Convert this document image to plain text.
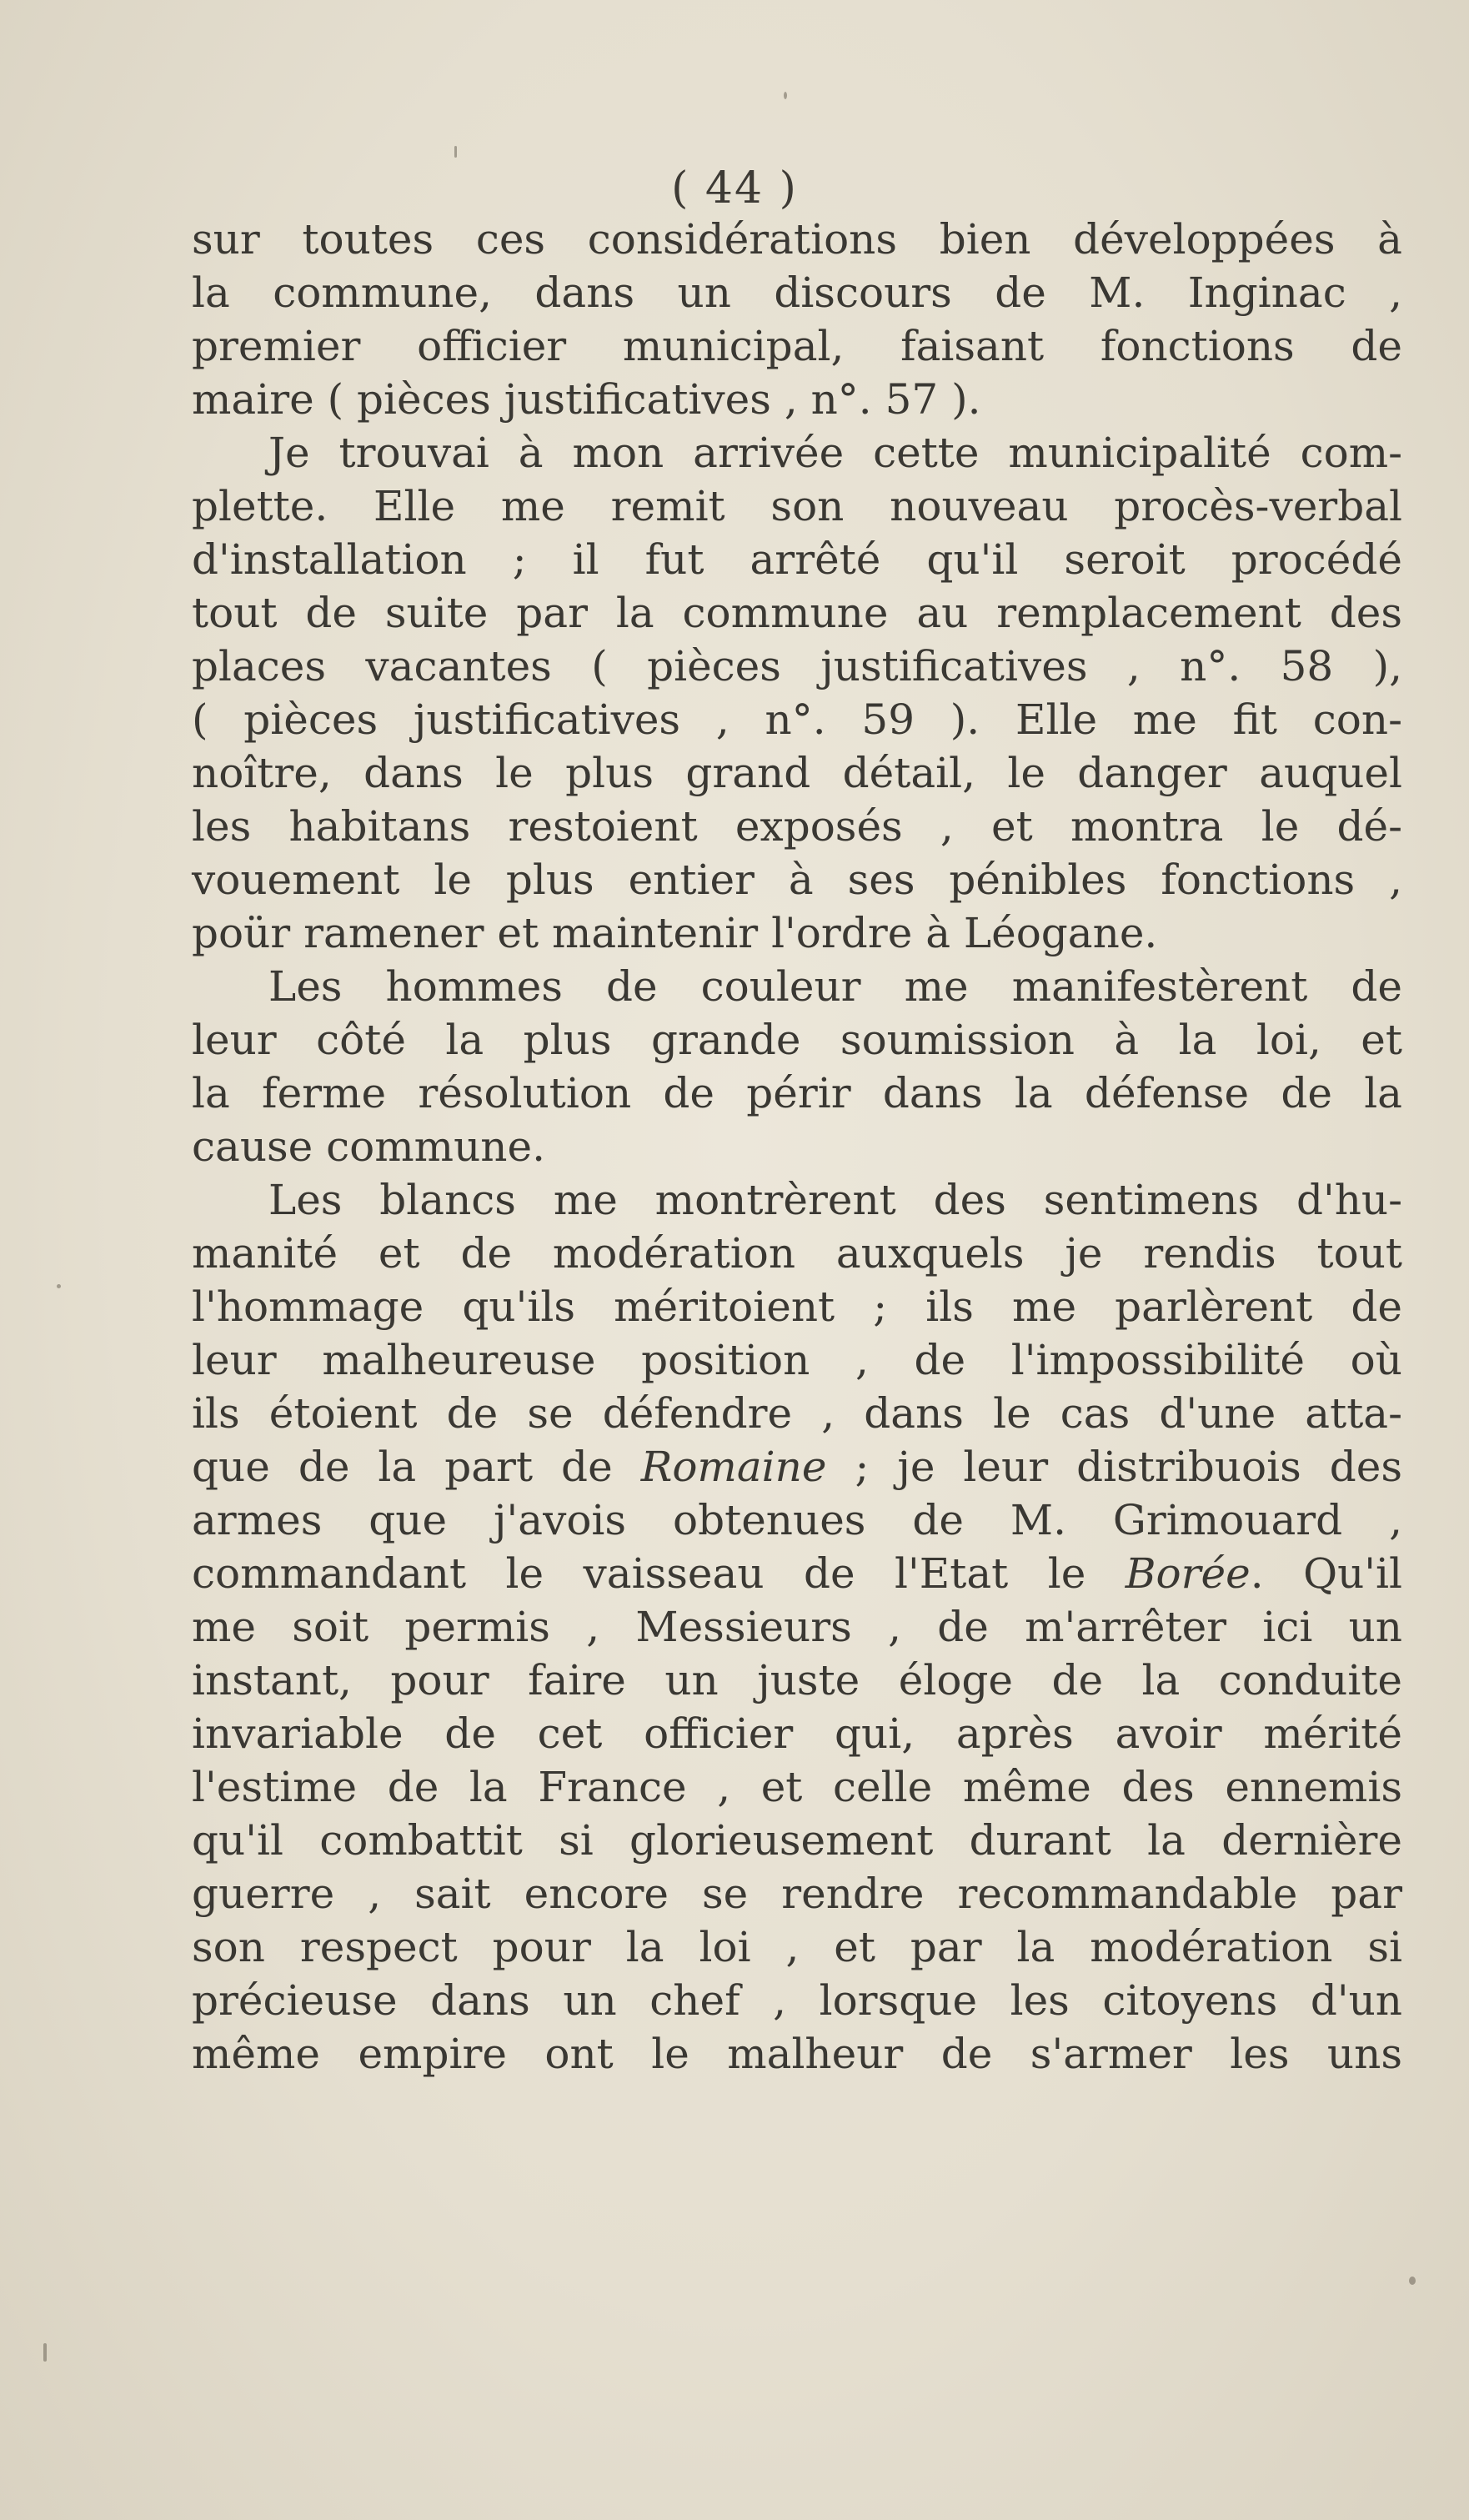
( 44 )
sur toutes ces considérations bien développées à
la commune, dans un discours de M. Inginac ,
premier officier municipal, faisant fonctions de
maire ( pièces justificatives , n°. 57 ).
Je trouvai à mon arrivée cette municipalité com-
plette. Elle me remit son nouveau procès-verbal
d'installation ; il fut arrêté qu'il seroit procédé
tout de suite par la commune au remplacement des
places vacantes ( pièces justificatives , n°. 58 ),
( pièces justificatives , n°. 59 ). Elle me fit con-
noître, dans le plus grand détail, le danger auquel
les habitans restoient exposés , et montra le dé-
vouement le plus entier à ses pénibles fonctions ,
poür ramener et maintenir l'ordre à Léogane.
Les hommes de couleur me manifestèrent de
leur côté la plus grande soumission à la loi, et
la ferme résolution de périr dans la défense de la
cause commune.
Les blancs me montrèrent des sentimens d'hu-
manité et de modération auxquels je rendis tout
l'hommage qu'ils méritoient ; ils me parlèrent de
leur malheureuse position , de l'impossibilité où
ils étoient de se défendre , dans le cas d'une atta-
que de la part de Romaine ; je leur distribuois des
armes que j'avois obtenues de M. Grimouard ,
commandant le vaisseau de l'Etat le Borée. Qu'il
me soit permis , Messieurs , de m'arrêter ici un
instant, pour faire un juste éloge de la conduite
invariable de cet officier qui, après avoir mérité
l'estime de la France , et celle même des ennemis
qu'il combattit si glorieusement durant la dernière
guerre , sait encore se rendre recommandable par
son respect pour la loi , et par la modération si
précieuse dans un chef , lorsque les citoyens d'un
même empire ont le malheur de s'armer les uns
